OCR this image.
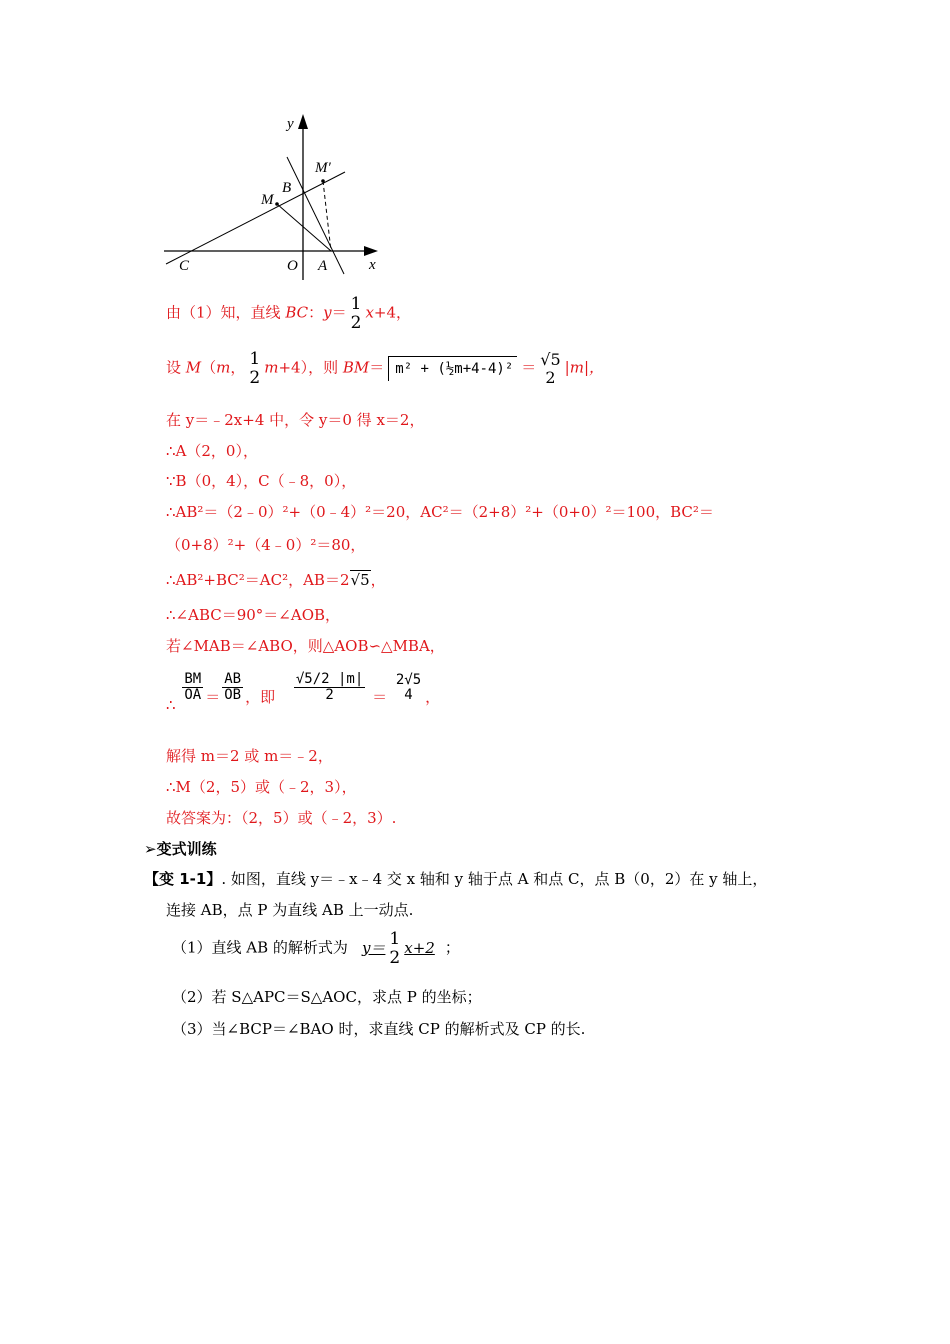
y
x
M′
B
M
C	O A
由（1）知，直线 BC：y＝ 1
2 x+4，
设 M（m， 1
2 m+4），则 BM＝ m² + (½m+4-4)² ＝ √5
2 |m|，
在 y＝﹣2x+4 中，令 y＝0 得 x＝2，
∴A（2，0），
∵B（0，4），C（﹣8，0），
∴AB²＝（2﹣0）²+（0﹣4）²＝20，AC²＝（2+8）²+（0+0）²＝100，BC²＝
（0+8）²+（4﹣0）²＝80，
∴AB²+BC²＝AC²，AB＝2√5，
∴∠ABC＝90°＝∠AOB，
若∠MAB＝∠ABO，则△AOB∽△MBA，
∴
$\frac{BM}{OA} = \frac{AB}{OB}$ ，即 $\frac{√5/2 |m|}{2}$ ＝
2√5
4 ，
解得 m＝2 或 m＝﹣2，
∴M（2，5）或（﹣2，3），
故答案为：（2，5）或（﹣2，3）.
➢变式训练
【变 1-1】. 如图，直线 y＝﹣x﹣4 交 x 轴和 y 轴于点 A 和点 C，点 B（0，2）在 y 轴上，
连接 AB，点 P 为直线 AB 上一动点.
（1）直线 AB 的解析式为 y＝ 1
2 x+2 ；
（2）若 S△APC＝S△AOC，求点 P 的坐标；
（3）当∠BCP＝∠BAO 时，求直线 CP 的解析式及 CP 的长.
